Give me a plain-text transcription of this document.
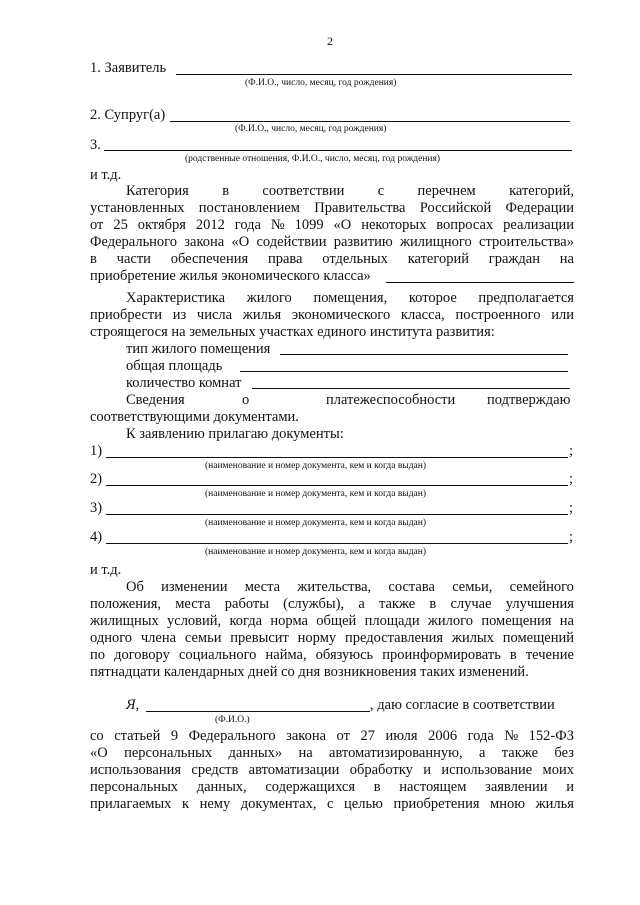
2
1. Заявитель
(Ф.И.О., число, месяц, год рождения)
2. Супруг(а)
(Ф.И.О., число, месяц, год рождения)
3.
(родственные отношения, Ф.И.О., число, месяц, год рождения)
и т.д.
Категория в соответствии с перечнем категорий,
установленных постановлением Правительства Российской Федерации
от 25 октября 2012 года № 1099 «О некоторых вопросах реализации
Федерального закона «О содействии развитию жилищного строительства»
в части обеспечения права отдельных категорий граждан на
приобретение жилья экономического класса»
Характеристика жилого помещения, которое предполагается
приобрести из числа жилья экономического класса, построенного или
строящегося на земельных участках единого института развития:
тип жилого помещения
общая площадь
количество комнат
Сведения	о	платежеспособности подтверждаю
соответствующими документами.
К заявлению прилагаю документы:
1)	;
(наименование и номер документа, кем и когда выдан)
2)	;
(наименование и номер документа, кем и когда выдан)
3)	;
(наименование и номер документа, кем и когда выдан)
4)	;
(наименование и номер документа, кем и когда выдан)
и т.д.
Об изменении места жительства, состава семьи, семейного
положения, места работы (службы), а также в случае улучшения
жилищных условий, когда норма общей площади жилого помещения на
одного члена семьи превысит норму предоставления жилых помещений
по договору социального найма, обязуюсь проинформировать в течение
пятнадцати календарных дней со дня возникновения таких изменений.
Я,	, даю согласие в соответствии
(Ф.И.О.)
со статьей 9 Федерального закона от 27 июля 2006 года № 152-ФЗ
«О персональных данных» на автоматизированную, а также без
использования средств автоматизации обработку и использование моих
персональных данных, содержащихся в настоящем заявлении и
прилагаемых к нему документах, с целью приобретения мною жилья
